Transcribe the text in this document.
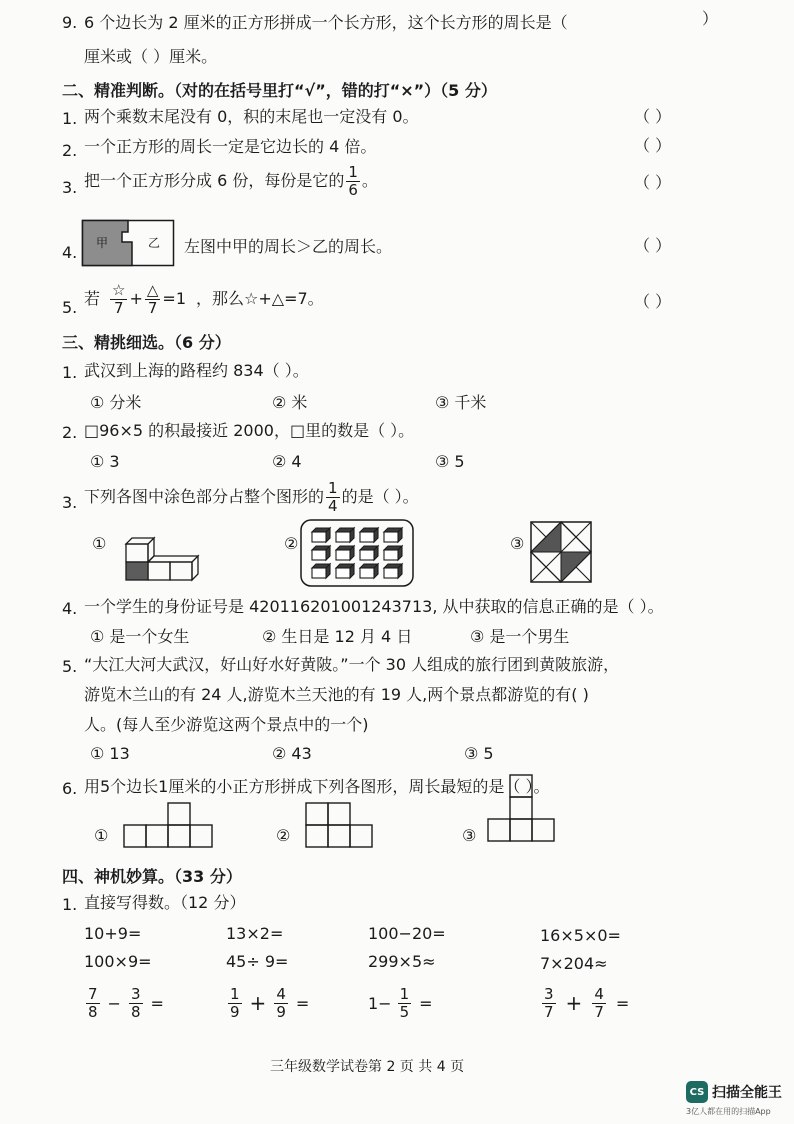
9. 6 个边长为 2 厘米的正方形拼成一个长方形，这个长方形的周长是（	）
厘米或（ ）厘米。
二、精准判断。（对的在括号里打“√”，错的打“×”）（5 分）
1. 两个乘数末尾没有 0，积的末尾也一定没有 0。	（ ）
2. 一个正方形的周长一定是它边长的 4 倍。	（ ）
3. 把一个正方形分成 6 份，每份是它的 $\frac{1}{6}$ 。	（ ）
4. 甲	乙 左图中甲的周长＞乙的周长。	（ ）
5. 若 $\frac{☆}{7} + \frac{\triangle}{7} =1$ ，那么☆+△=7。	（ ）
三、精挑细选。（6 分）
1. 武汉到上海的路程约 834（ ）。
① 分米	② 米	③ 千米
2. □96×5 的积最接近 2000，□里的数是（ ）。
① 3	② 4	③ 5
3. 下列各图中涂色部分占整个图形的 $\frac{1}{4}$ 的是（ ）。
①	②	③
4. 一个学生的身份证号是 420116201001243713, 从中获取的信息正确的是（ ）。
① 是一个女生	② 生日是 12 月 4 日	③ 是一个男生
5. “大江大河大武汉，好山好水好黄陂。”一个 30 人组成的旅行团到黄陂旅游，
游览木兰山的有 24 人,游览木兰天池的有 19 人,两个景点都游览的有( )
人。(每人至少游览这两个景点中的一个)
① 13	② 43	③ 5
6. 用5个边长1厘米的小正方形拼成下列各图形，周长最短的是（ ）。
①	②	③
四、神机妙算。（33 分）
1. 直接写得数。（12 分）
10+9=	13×2=	100−20=	16×5×0=
100×9=	45÷ 9=	299×5≈	7×204≈
$\frac{7}{8} - \frac{3}{8}$ =	$\frac{1}{9} + \frac{4}{9}$ =	$1- \frac{1}{5}$ =	$\frac{3}{7} + \frac{4}{7}$ =
三年级数学试卷第 2 页 共 4 页
CS 扫描全能王
3亿人都在用的扫描App
